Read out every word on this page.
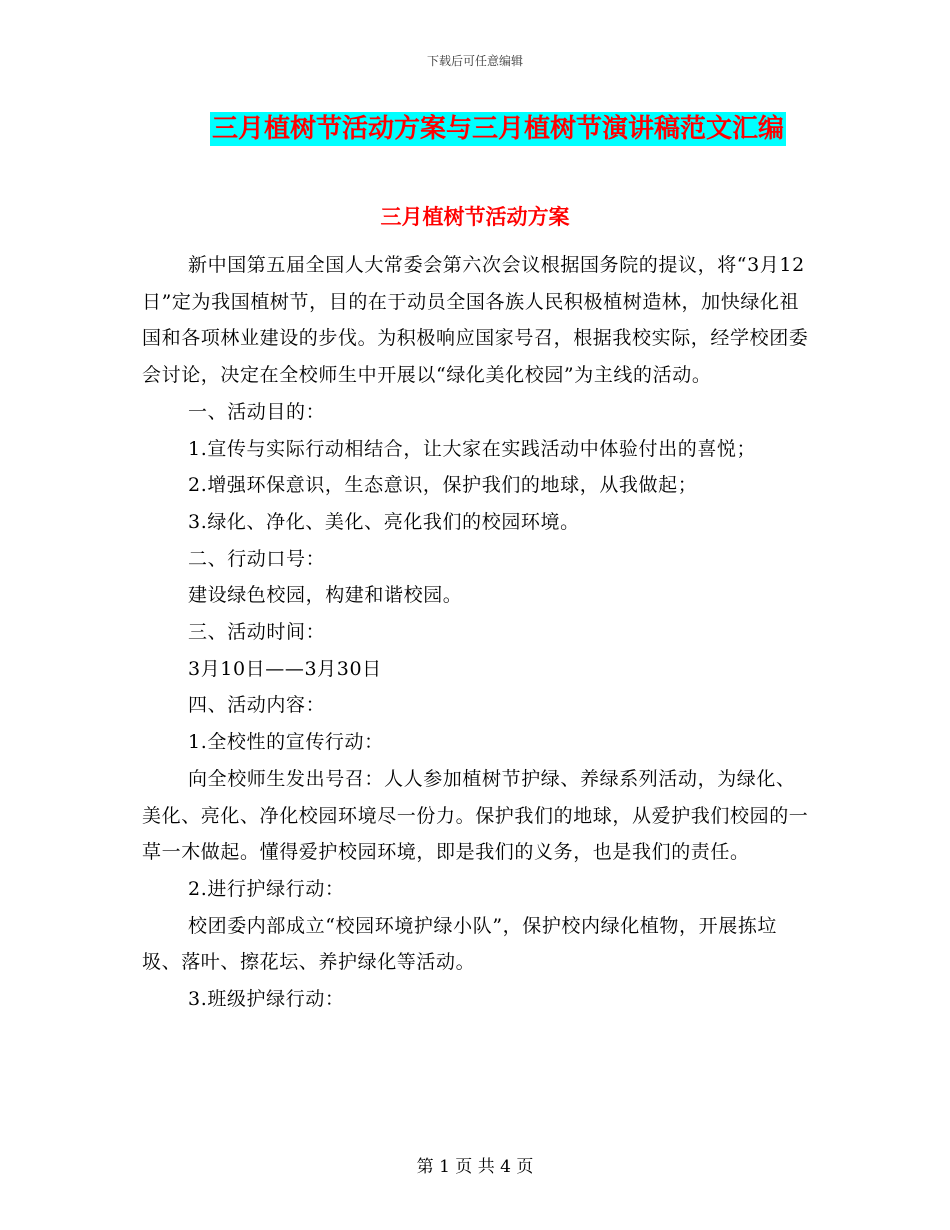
下载后可任意编辑
三月植树节活动方案与三月植树节演讲稿范文汇编
三月植树节活动方案

新中国第五届全国人大常委会第六次会议根据国务院的提议，将“3月12日”定为我国植树节，目的在于动员全国各族人民积极植树造林，加快绿化祖国和各项林业建设的步伐。为积极响应国家号召，根据我校实际，经学校团委会讨论，决定在全校师生中开展以“绿化美化校园”为主线的活动。

一、活动目的：

1.宣传与实际行动相结合，让大家在实践活动中体验付出的喜悦；

2.增强环保意识，生态意识，保护我们的地球，从我做起；

3.绿化、净化、美化、亮化我们的校园环境。

二、行动口号：

建设绿色校园，构建和谐校园。

三、活动时间：

3月10日——3月30日

四、活动内容：

1.全校性的宣传行动：

向全校师生发出号召：人人参加植树节护绿、养绿系列活动，为绿化、美化、亮化、净化校园环境尽一份力。保护我们的地球，从爱护我们校园的一草一木做起。懂得爱护校园环境，即是我们的义务，也是我们的责任。

2.进行护绿行动：

校团委内部成立“校园环境护绿小队”，保护校内绿化植物，开展拣垃圾、落叶、擦花坛、养护绿化等活动。

3.班级护绿行动：

第 1 页 共 4 页
